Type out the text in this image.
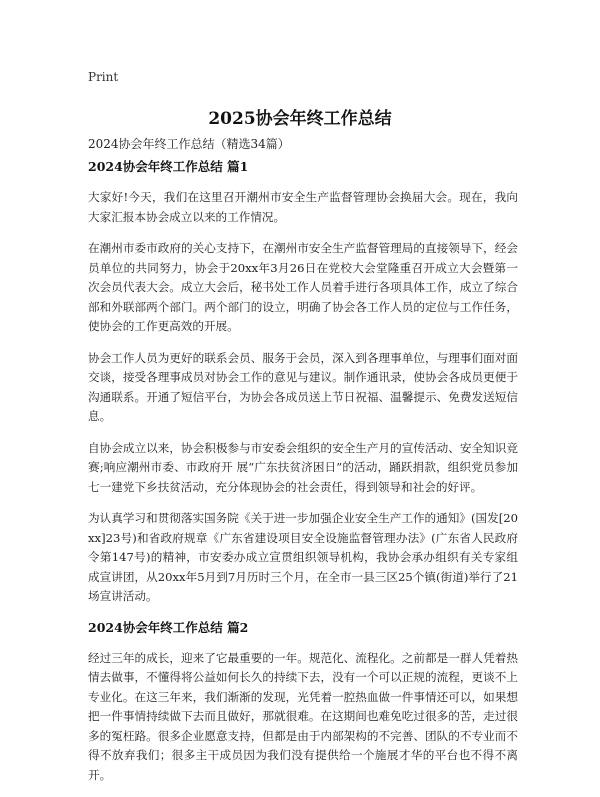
Print
2025协会年终工作总结

2024协会年终工作总结（精选34篇）

2024协会年终工作总结 篇1

大家好!今天，我们在这里召开潮州市安全生产监督管理协会换届大会。现在，我向大家汇报本协会成立以来的工作情况。

在潮州市委市政府的关心支持下，在潮州市安全生产监督管理局的直接领导下，经会员单位的共同努力，协会于20xx年3月26日在党校大会堂隆重召开成立大会暨第一次会员代表大会。成立大会后，秘书处工作人员着手进行各项具体工作，成立了综合部和外联部两个部门。两个部门的设立，明确了协会各工作人员的定位与工作任务，使协会的工作更高效的开展。

协会工作人员为更好的联系会员、服务于会员，深入到各理事单位，与理事们面对面交谈，接受各理事成员对协会工作的意见与建议。制作通讯录，使协会各成员更便于沟通联系。开通了短信平台，为协会各成员送上节日祝福、温馨提示、免费发送短信息。

自协会成立以来，协会积极参与市安委会组织的安全生产月的宣传活动、安全知识竞赛;响应潮州市委、市政府开 展“广东扶贫济困日”的活动，踊跃捐款，组织党员参加七一建党下乡扶贫活动，充分体现协会的社会责任，得到领导和社会的好评。

为认真学习和贯彻落实国务院《关于进一步加强企业安全生产工作的通知》(国发[20xx]23号)和省政府规章《广东省建设项目安全设施监督管理办法》(广东省人民政府令第147号)的精神，市安委办成立宣贯组织领导机构，我协会承办组织有关专家组成宣讲团，从20xx年5月到7月历时三个月，在全市一县三区25个镇(街道)举行了21场宣讲活动。

2024协会年终工作总结 篇2

经过三年的成长，迎来了它最重要的一年。规范化、流程化。之前都是一群人凭着热情去做事，不懂得将公益如何长久的持续下去，没有一个可以正规的流程，更谈不上专业化。在这三年来，我们渐渐的发现，光凭着一腔热血做一件事情还可以，如果想把一件事情持续做下去而且做好，那就很难。在这期间也难免吃过很多的苦，走过很多的冤枉路。很多企业愿意支持，但都是由于内部架构的不完善、团队的不专业而不得不放弃我们；很多主干成员因为我们没有提供给一个施展才华的平台也不得不离开。
